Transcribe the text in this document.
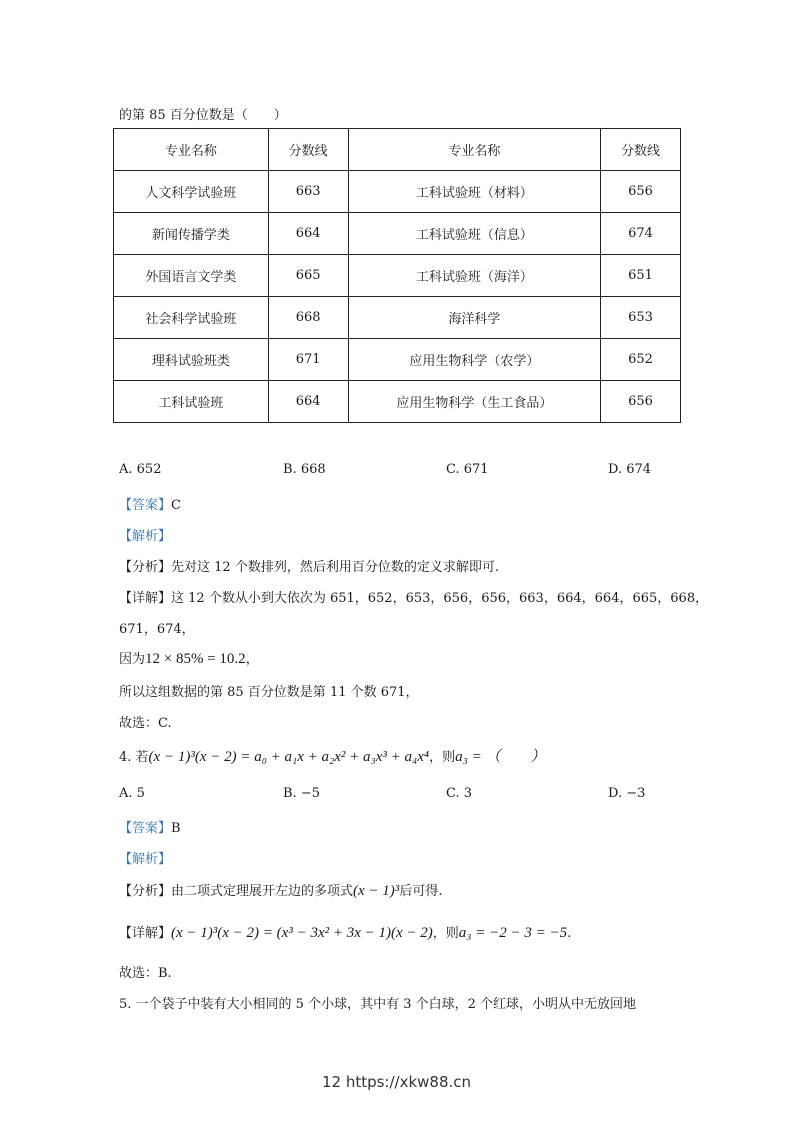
的第 85 百分位数是（　　）
专业名称	分数线	专业名称	分数线
人文科学试验班	663	工科试验班（材料）	656
新闻传播学类	664	工科试验班（信息）	674
外国语言文学类	665	工科试验班（海洋）	651
社会科学试验班	668	海洋科学	653
理科试验班类	671	应用生物科学（农学）	652
工科试验班	664	应用生物科学（生工食品）	656
A. 652	B. 668	C. 671	D. 674
【答案】C
【解析】
【分析】先对这 12 个数排列，然后利用百分位数的定义求解即可.
【详解】这 12 个数从小到大依次为 651，652，653，656，656，663，664，664，665，668，
671，674，
因为12 × 85% = 10.2，
所以这组数据的第 85 百分位数是第 11 个数 671，
故选：C.
4. 若(x − 1)³(x − 2) = a₀ + a₁x + a₂x² + a₃x³ + a₄x⁴，则a₃ = （　　）
A. 5	B. −5	C. 3	D. −3
【答案】B
【解析】
【分析】由二项式定理展开左边的多项式(x − 1)³后可得.
【详解】(x − 1)³(x − 2) = (x³ − 3x² + 3x − 1)(x − 2)，则a₃ = −2 − 3 = −5.
故选：B.
5. 一个袋子中装有大小相同的 5 个小球，其中有 3 个白球，2 个红球，小明从中无放回地
12 https://xkw88.cn
